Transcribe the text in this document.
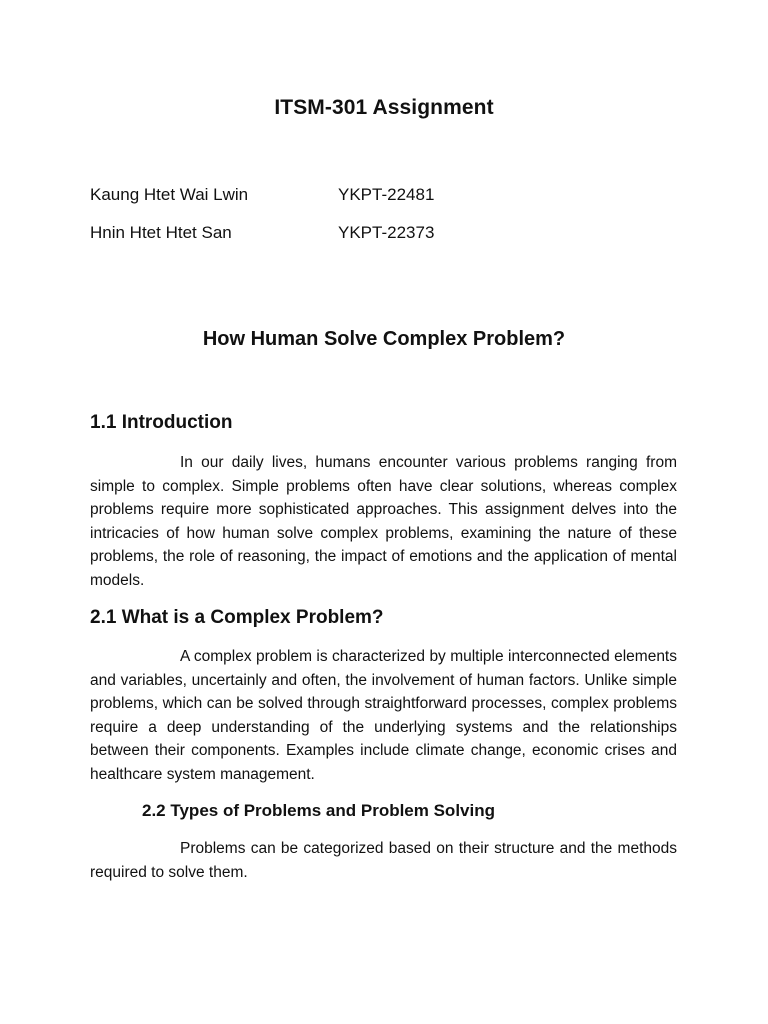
ITSM-301 Assignment
Kaung Htet Wai Lwin	YKPT-22481
Hnin Htet Htet San	YKPT-22373
How Human Solve Complex Problem?
1.1 Introduction

In our daily lives, humans encounter various problems ranging from simple to complex. Simple problems often have clear solutions, whereas complex problems require more sophisticated approaches. This assignment delves into the intricacies of how human solve complex problems, examining the nature of these problems, the role of reasoning, the impact of emotions and the application of mental models.

2.1 What is a Complex Problem?

A complex problem is characterized by multiple interconnected elements and variables, uncertainly and often, the involvement of human factors. Unlike simple problems, which can be solved through straightforward processes, complex problems require a deep understanding of the underlying systems and the relationships between their components. Examples include climate change, economic crises and healthcare system management.

2.2 Types of Problems and Problem Solving

Problems can be categorized based on their structure and the methods required to solve them.
